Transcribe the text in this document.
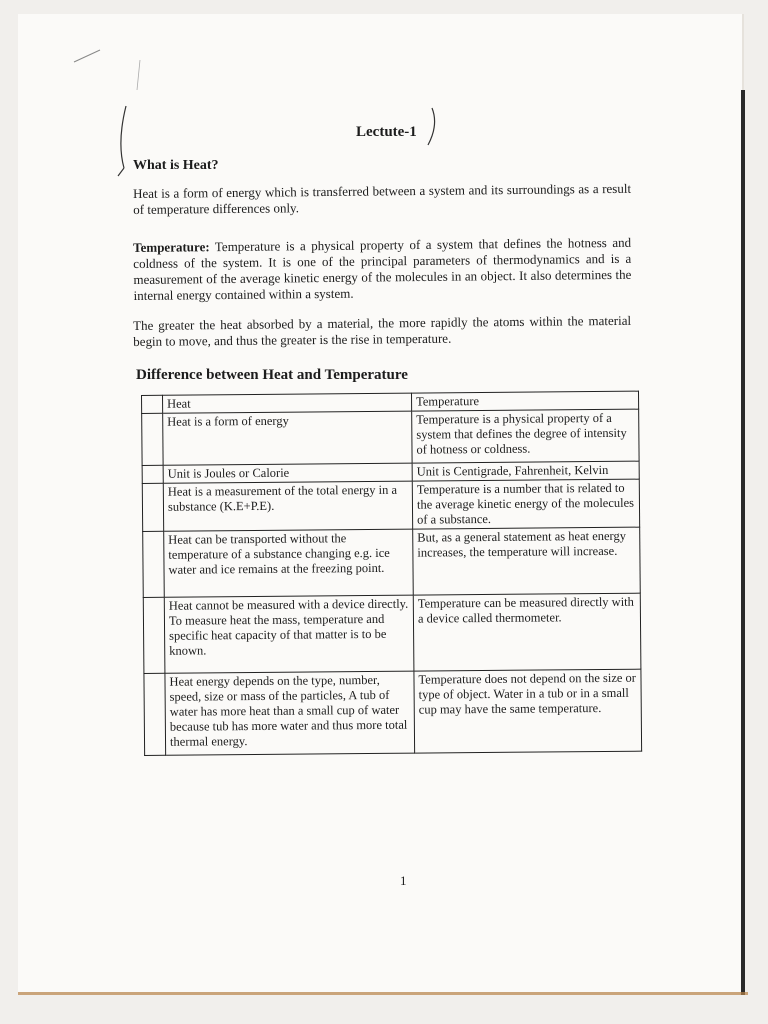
Lectute-1
What is Heat?

Heat is a form of energy which is transferred between a system and its surroundings as a result of temperature differences only.

Temperature: Temperature is a physical property of a system that defines the hotness and coldness of the system. It is one of the principal parameters of thermodynamics and is a measurement of the average kinetic energy of the molecules in an object. It also determines the internal energy contained within a system.

The greater the heat absorbed by a material, the more rapidly the atoms within the material begin to move, and thus the greater is the rise in temperature.

Difference between Heat and Temperature
	Heat	Temperature
	Heat is a form of energy	Temperature is a physical property of a system that defines the degree of intensity of hotness or coldness.
	Unit is Joules or Calorie	Unit is Centigrade, Fahrenheit, Kelvin
	Heat is a measurement of the total energy in a substance (K.E+P.E).	Temperature is a number that is related to the average kinetic energy of the molecules of a substance.
	Heat can be transported without the temperature of a substance changing e.g. ice water and ice remains at the freezing point.	But, as a general statement as heat energy increases, the temperature will increase.
	Heat cannot be measured with a device directly. To measure heat the mass, temperature and specific heat capacity of that matter is to be known.	Temperature can be measured directly with a device called thermometer.
	Heat energy depends on the type, number, speed, size or mass of the particles, A tub of water has more heat than a small cup of water because tub has more water and thus more total thermal energy.	Temperature does not depend on the size or type of object. Water in a tub or in a small cup may have the same temperature.

1
